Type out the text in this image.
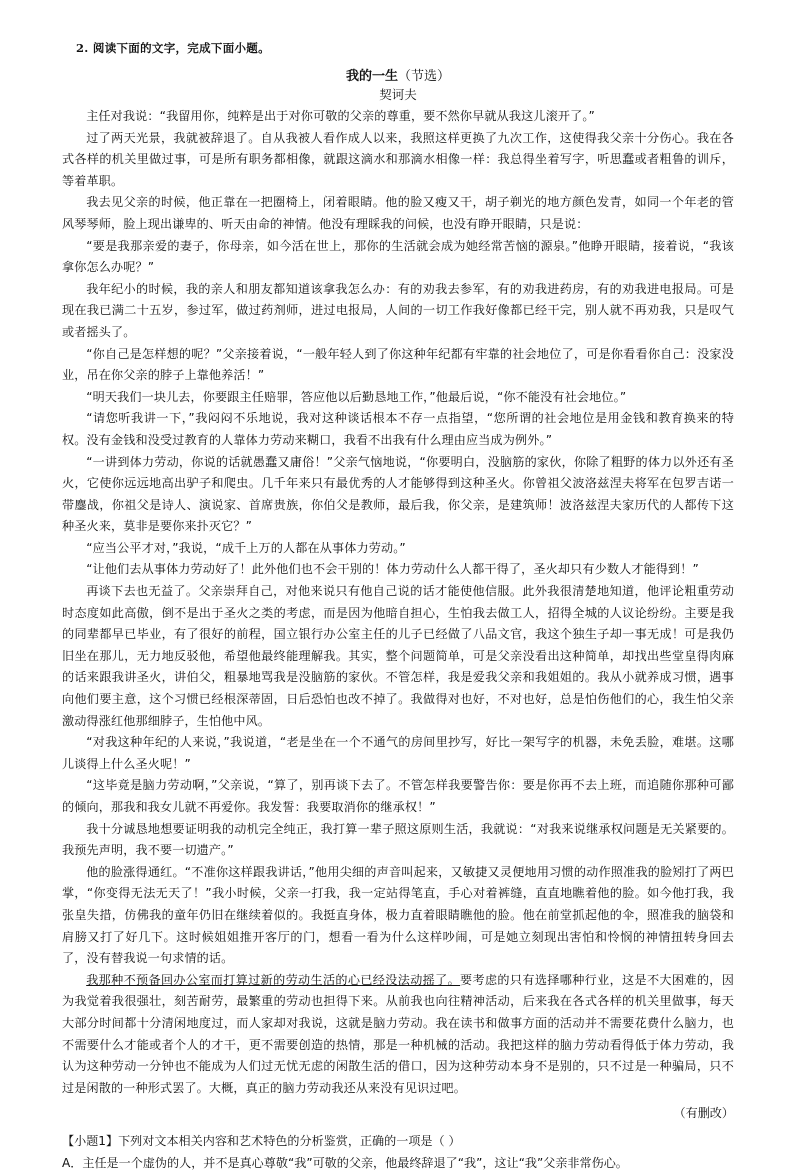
2. 阅读下面的文字，完成下面小题。

我的一生（节选）

契诃夫

主任对我说：“我留用你，纯粹是出于对你可敬的父亲的尊重，要不然你早就从我这儿滚开了。”

过了两天光景，我就被辞退了。自从我被人看作成人以来，我照这样更换了九次工作，这使得我父亲十分伤心。我在各式各样的机关里做过事，可是所有职务都相像，就跟这滴水和那滴水相像一样：我总得坐着写字，听思蠢或者粗鲁的训斥，等着革职。

我去见父亲的时候，他正靠在一把圈椅上，闭着眼睛。他的脸又瘦又干，胡子剃光的地方颜色发青，如同一个年老的管风琴琴师，脸上现出谦卑的、听天由命的神情。他没有理睬我的问候，也没有睁开眼睛，只是说：

“要是我那亲爱的妻子，你母亲，如今活在世上，那你的生活就会成为她经常苦恼的源泉。”他睁开眼睛，接着说，“我该拿你怎么办呢？”

我年纪小的时候，我的亲人和朋友都知道该拿我怎么办：有的劝我去参军，有的劝我进药房，有的劝我进电报局。可是现在我已满二十五岁，参过军，做过药剂师，进过电报局，人间的一切工作我好像都已经干完，别人就不再劝我，只是叹气或者摇头了。

“你自己是怎样想的呢？”父亲接着说，“一般年轻人到了你这种年纪都有牢靠的社会地位了，可是你看看你自己：没家没业，吊在你父亲的脖子上靠他养活！”

“明天我们一块儿去，你要跟主任赔罪，答应他以后勤恳地工作，”他最后说，“你不能没有社会地位。”

“请您听我讲一下，”我闷闷不乐地说，我对这种谈话根本不存一点指望，“您所谓的社会地位是用金钱和教育换来的特权。没有金钱和没受过教育的人靠体力劳动来糊口，我看不出我有什么理由应当成为例外。”

“一讲到体力劳动，你说的话就愚蠢又庸俗！”父亲气恼地说，“你要明白，没脑筋的家伙，你除了粗野的体力以外还有圣火，它使你远远地高出驴子和爬虫。几千年来只有最优秀的人才能够得到这种圣火。你曾祖父波洛兹涅夫将军在包罗吉诺一带鏖战，你祖父是诗人、演说家、首席贵族，你伯父是教师，最后我，你父亲，是建筑师！波洛兹涅夫家历代的人都传下这种圣火来，莫非是要你来扑灭它？”

“应当公平才对，”我说，“成千上万的人都在从事体力劳动。”

“让他们去从事体力劳动好了！此外他们也不会干别的！体力劳动什么人都干得了，圣火却只有少数人才能得到！”

再谈下去也无益了。父亲崇拜自己，对他来说只有他自己说的话才能使他信服。此外我很清楚地知道，他评论粗重劳动时态度如此高傲，倒不是出于圣火之类的考虑，而是因为他暗自担心，生怕我去做工人，招得全城的人议论纷纷。主要是我的同辈都早已毕业，有了很好的前程，国立银行办公室主任的儿子已经做了八品文官，我这个独生子却一事无成！可是我仍旧坐在那儿，无力地反驳他，希望他最终能理解我。其实，整个问题简单，可是父亲没看出这种简单，却找出些堂皇得肉麻的话来跟我讲圣火，讲伯父，粗暴地骂我是没脑筋的家伙。不管怎样，我是爱我父亲和我姐姐的。我从小就养成习惯，遇事向他们要主意，这个习惯已经根深蒂固，日后恐怕也改不掉了。我做得对也好，不对也好，总是怕伤他们的心，我生怕父亲激动得涨红他那细脖子，生怕他中风。

“对我这种年纪的人来说，”我说道，“老是坐在一个不通气的房间里抄写，好比一架写字的机器，未免丢脸，难堪。这哪儿谈得上什么圣火呢！”

“这毕竟是脑力劳动啊，”父亲说，“算了，别再谈下去了。不管怎样我要警告你：要是你再不去上班，而追随你那种可鄙的倾向，那我和我女儿就不再爱你。我发誓：我要取消你的继承权！”

我十分诚恳地想要证明我的动机完全纯正，我打算一辈子照这原则生活，我就说：“对我来说继承权问题是无关紧要的。我预先声明，我不要一切遗产。”

他的脸涨得通红。“不准你这样跟我讲话，”他用尖细的声音叫起来，又敏捷又灵便地用习惯的动作照准我的脸矧打了两巴掌，“你变得无法无天了！”我小时候，父亲一打我，我一定站得笔直，手心对着裤缝，直直地瞧着他的脸。如今他打我，我张皇失措，仿佛我的童年仍旧在继续着似的。我挺直身体，极力直着眼睛瞧他的脸。他在前堂抓起他的伞，照准我的脑袋和肩膀又打了好几下。这时候姐姐推开客厅的门，想看一看为什么这样吵闹，可是她立刻现出害怕和怜悯的神情扭转身回去了，没有替我说一句求情的话。

我那种不预备回办公室而打算过新的劳动生活的心已经没法动摇了。要考虑的只有选择哪种行业，这是不大困难的，因为我觉着我很强壮，刻苦耐劳，最繁重的劳动也担得下来。从前我也向往精神活动，后来我在各式各样的机关里做事，每天大部分时间都十分清闲地度过，而人家却对我说，这就是脑力劳动。我在读书和做事方面的活动并不需要花费什么脑力，也不需要什么才能或者个人的才干，更不需要创造的热情，那是一种机械的活动。我把这样的脑力劳动看得低于体力劳动，我认为这种劳动一分钟也不能成为人们过无忧无虑的闲散生活的借口，因为这种劳动本身不是别的，只不过是一种骗局，只不过是闲散的一种形式罢了。大概，真正的脑力劳动我还从来没有见识过吧。

（有删改）

【小题1】下列对文本相关内容和艺术特色的分析鉴赏，正确的一项是（ ）

A．主任是一个虚伪的人，并不是真心尊敬“我”可敬的父亲，他最终辞退了“我”，这让“我”父亲非常伤心。
